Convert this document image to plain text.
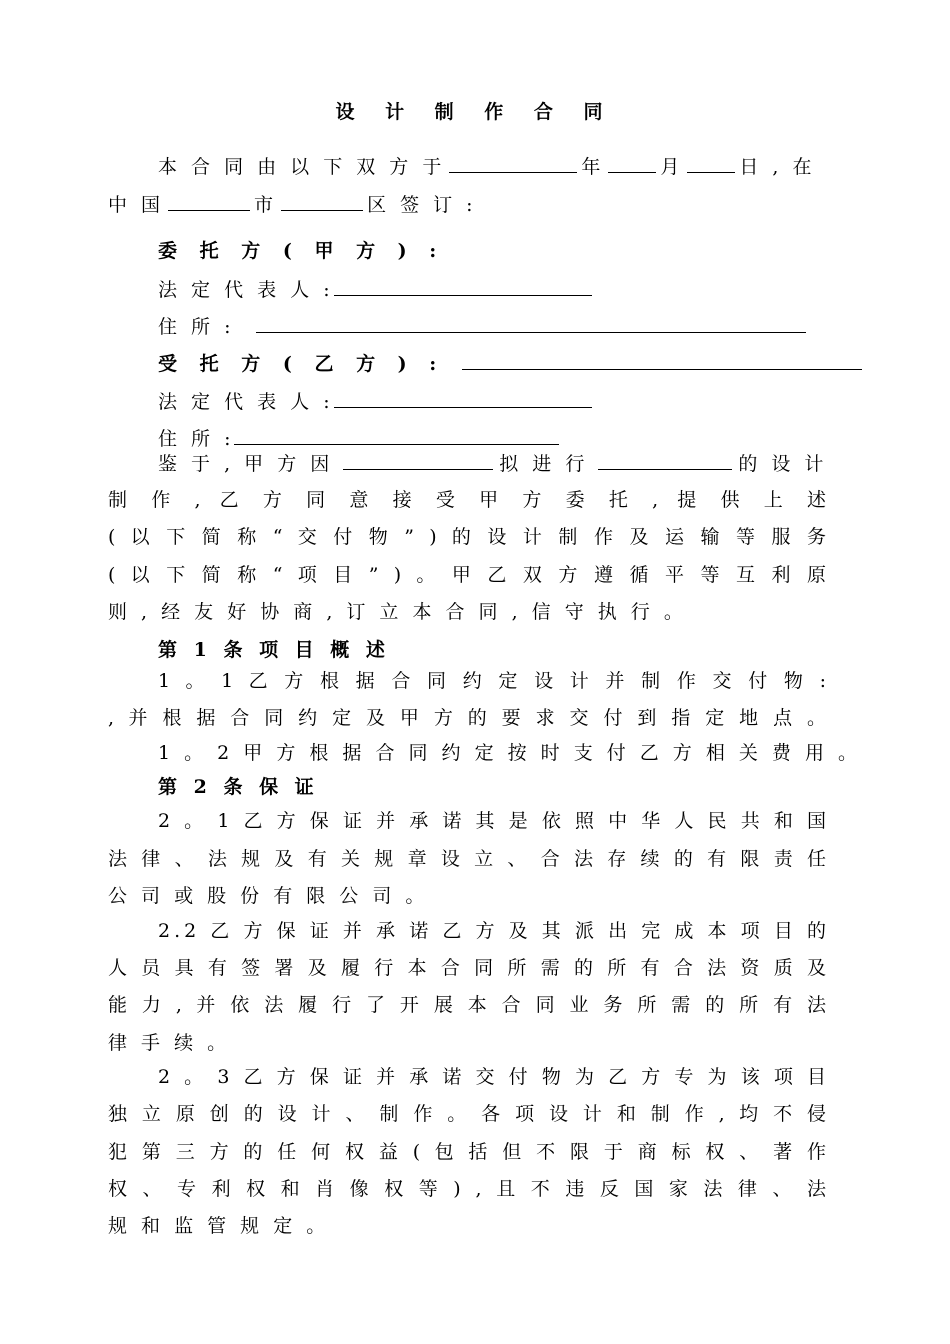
设 计 制 作 合 同
本 合 同 由 以 下 双 方 于	年	月	日 , 在
中 国	市	区 签 订 :
委 托 方 ( 甲 方 ) :
法 定 代 表 人 :
住 所 :
受 托 方 ( 乙 方 ) :
法 定 代 表 人 :
住 所 :
鉴 于 , 甲 方 因	拟 进 行	的 设 计
制 作 , 乙 方 同 意 接 受 甲 方 委 托 , 提 供 上 述
( 以 下 简 称 “ 交 付 物 ” ) 的 设 计 制 作 及 运 输 等 服 务
( 以 下 简 称 “ 项 目 ” ) 。 甲 乙 双 方 遵 循 平 等 互 利 原
则 , 经 友 好 协 商 , 订 立 本 合 同 , 信 守 执 行 。
第 1 条 项 目 概 述
1 。 1 乙 方 根 据 合 同 约 定 设 计 并 制 作 交 付 物 :
, 并 根 据 合 同 约 定 及 甲 方 的 要 求 交 付 到 指 定 地 点 。
1 。 2 甲 方 根 据 合 同 约 定 按 时 支 付 乙 方 相 关 费 用 。
第 2 条 保 证
2 。 1 乙 方 保 证 并 承 诺 其 是 依 照 中 华 人 民 共 和 国
法 律 、 法 规 及 有 关 规 章 设 立 、 合 法 存 续 的 有 限 责 任
公 司 或 股 份 有 限 公 司 。
2.2 乙 方 保 证 并 承 诺 乙 方 及 其 派 出 完 成 本 项 目 的
人 员 具 有 签 署 及 履 行 本 合 同 所 需 的 所 有 合 法 资 质 及
能 力 , 并 依 法 履 行 了 开 展 本 合 同 业 务 所 需 的 所 有 法
律 手 续 。
2 。 3 乙 方 保 证 并 承 诺 交 付 物 为 乙 方 专 为 该 项 目
独 立 原 创 的 设 计 、 制 作 。 各 项 设 计 和 制 作 , 均 不 侵
犯 第 三 方 的 任 何 权 益 ( 包 括 但 不 限 于 商 标 权 、 著 作
权 、 专 利 权 和 肖 像 权 等 ) , 且 不 违 反 国 家 法 律 、 法
规 和 监 管 规 定 。
